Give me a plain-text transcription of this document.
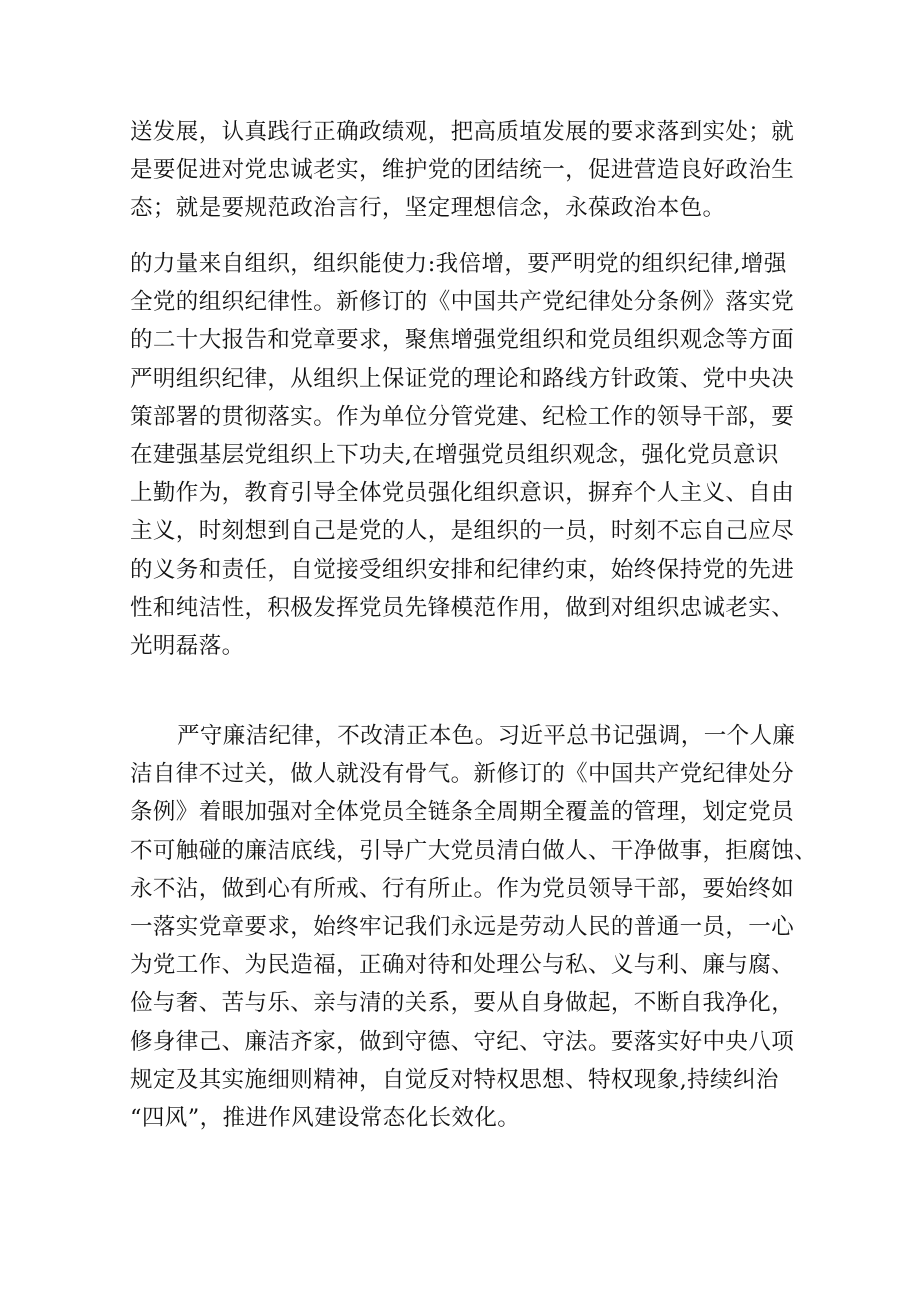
送发展，认真践行正确政绩观，把高质埴发展的要求落到实处；就
是要促进对党忠诚老实，维护党的团结统一，促进营造良好政治生
态；就是要规范政治言行，坚定理想信念，永葆政治本色。
的力量来自组织，组织能使力:我倍增，要严明党的组织纪律,增强
全党的组织纪律性。新修订的《中国共产党纪律处分条例》落实党
的二十大报告和党章要求，聚焦增强党组织和党员组织观念等方面
严明组织纪律，从组织上保证党的理论和路线方针政策、党中央决
策部署的贯彻落实。作为单位分管党建、纪检工作的领导干部，要
在建强基层党组织上下功夫,在增强党员组织观念，强化党员意识
上勤作为，教育引导全体党员强化组织意识，摒弃个人主义、自由
主义，时刻想到自己是党的人，是组织的一员，时刻不忘自己应尽
的义务和责任，自觉接受组织安排和纪律约束，始终保持党的先进
性和纯洁性，积极发挥党员先锋模范作用，做到对组织忠诚老实、
光明磊落。
严守廉洁纪律，不改清正本色。习近平总书记强调，一个人廉
洁自律不过关，做人就没有骨气。新修订的《中国共产党纪律处分
条例》着眼加强对全体党员全链条全周期全覆盖的管理，划定党员
不可触碰的廉洁底线，引导广大党员清白做人、干净做事，拒腐蚀、
永不沾，做到心有所戒、行有所止。作为党员领导干部，要始终如
一落实党章要求，始终牢记我们永远是劳动人民的普通一员，一心
为党工作、为民造福，正确对待和处理公与私、义与利、廉与腐、
俭与奢、苦与乐、亲与清的关系，要从自身做起，不断自我净化，
修身律己、廉洁齐家，做到守德、守纪、守法。要落实好中央八项
规定及其实施细则精神，自觉反对特权思想、特权现象,持续纠治
“四风”，推进作风建设常态化长效化。
